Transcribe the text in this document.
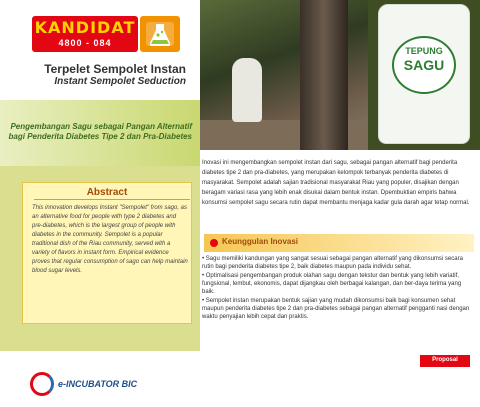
KANDIDAT
4800 - 084
Terpelet Sempolet Instan
Instant Sempolet Seduction
Pengembangan Sagu sebagai Pangan Alternatif bagi Penderita Diabetes Tipe 2 dan Pra-Diabetes
Abstract
This innovation develops Instant "Sempolet" from sago, as an alternative food for people with type 2 diabetes and pre-diabetes, which is the largest group of people with diabetes in the community. Sempolet is a popular traditional dish of the Riau community, served with a variety of flavors in instant form. Empirical evidence proves that regular consumption of sago can help maintain blood sugar levels.
e-INCUBATOR BIC
TEPUNG
SAGU
Inovasi ini mengembangkan sempolet instan dari sagu, sebagai pangan alternatif bagi penderita diabetes tipe 2 dan pra-diabetes, yang merupakan kelompok terbanyak penderita diabetes di masyarakat. Sempolet adalah sajian tradisional masyarakat Riau yang populer, disajikan dengan beragam variasi rasa yang lebih enak disukai dalam bentuk instan. Dpembuktian empiris bahwa konsumsi sempolet sagu secara rutin dapat membantu menjaga kadar gula darah agar tetap normal.
Keunggulan Inovasi
• Sagu memiliki kandungan yang sangat sesuai sebagai pangan alternatif yang dikonsumsi secara rutin bagi penderita diabetes tipe 2, baik diabetes maupun pada individu sehat.
• Optimalisasi pengembangan produk olahan sagu dengan tekstur dan bentuk yang lebih variatif, fungsional, lembut, ekonomis, dapat dijangkau oleh berbagai kalangan, dan ber-daya terima yang baik.
• Sempolet instan merupakan bentuk sajian yang mudah dikonsumsi baik bagi konsumen sehat maupun penderita diabetes tipe 2 dan pra-diabetes sebagai pangan alternatif pengganti nasi dengan waktu penyajian lebih cepat dan praktis.
Proposal
